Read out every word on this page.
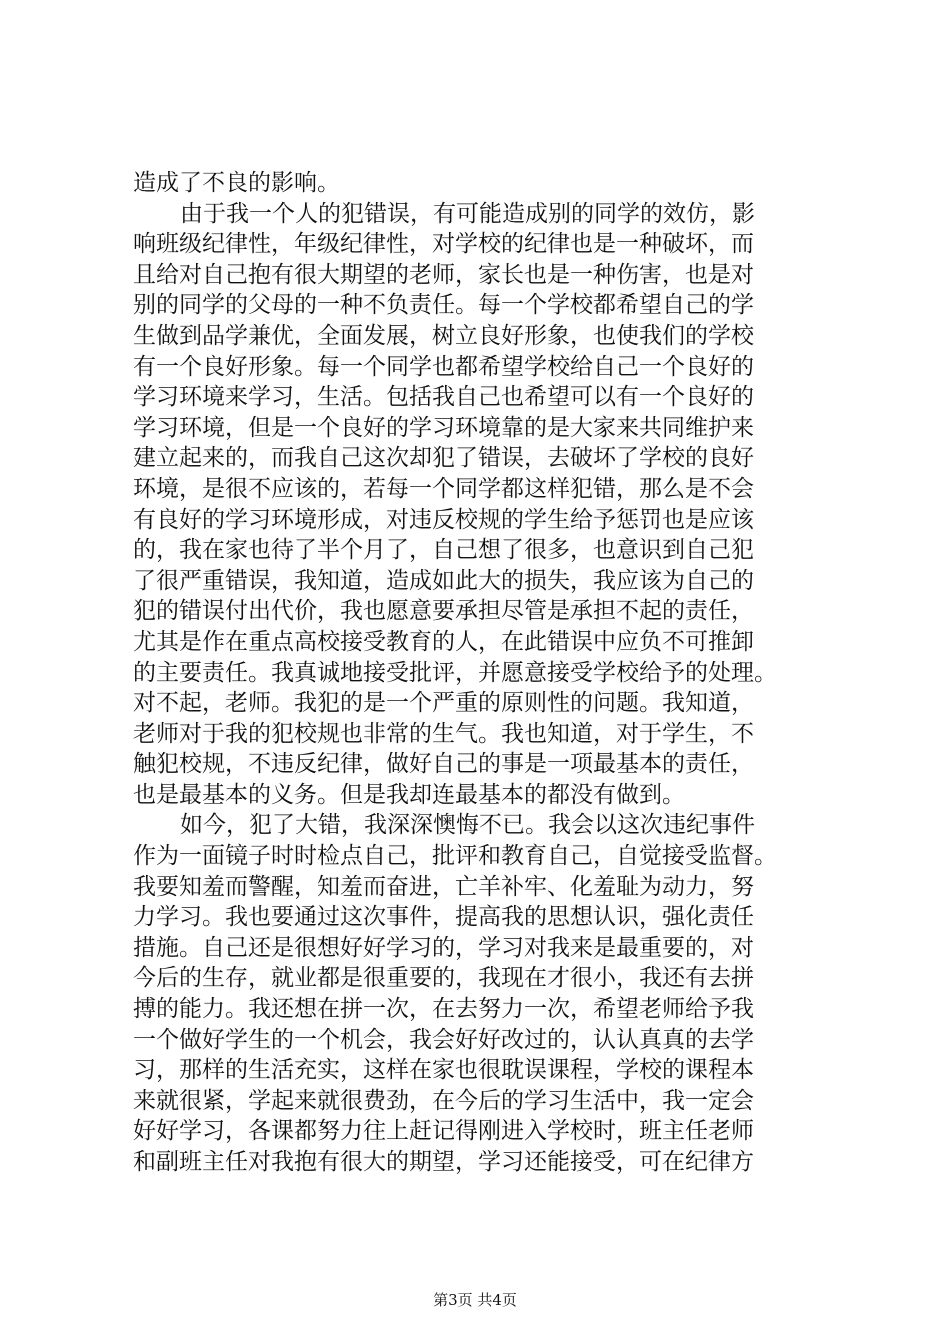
造成了不良的影响。
由于我一个人的犯错误，有可能造成别的同学的效仿，影
响班级纪律性，年级纪律性，对学校的纪律也是一种破坏，而
且给对自己抱有很大期望的老师，家长也是一种伤害，也是对
别的同学的父母的一种不负责任。每一个学校都希望自己的学
生做到品学兼优，全面发展，树立良好形象，也使我们的学校
有一个良好形象。每一个同学也都希望学校给自己一个良好的
学习环境来学习，生活。包括我自己也希望可以有一个良好的
学习环境，但是一个良好的学习环境靠的是大家来共同维护来
建立起来的，而我自己这次却犯了错误，去破坏了学校的良好
环境，是很不应该的，若每一个同学都这样犯错，那么是不会
有良好的学习环境形成，对违反校规的学生给予惩罚也是应该
的，我在家也待了半个月了，自己想了很多，也意识到自己犯
了很严重错误，我知道，造成如此大的损失，我应该为自己的
犯的错误付出代价，我也愿意要承担尽管是承担不起的责任，
尤其是作在重点高校接受教育的人，在此错误中应负不可推卸
的主要责任。我真诚地接受批评，并愿意接受学校给予的处理。
对不起，老师。我犯的是一个严重的原则性的问题。我知道，
老师对于我的犯校规也非常的生气。我也知道，对于学生，不
触犯校规，不违反纪律，做好自己的事是一项最基本的责任，
也是最基本的义务。但是我却连最基本的都没有做到。
如今，犯了大错，我深深懊悔不已。我会以这次违纪事件
作为一面镜子时时检点自己，批评和教育自己，自觉接受监督。
我要知羞而警醒，知羞而奋进，亡羊补牢、化羞耻为动力，努
力学习。我也要通过这次事件，提高我的思想认识，强化责任
措施。自己还是很想好好学习的，学习对我来是最重要的，对
今后的生存，就业都是很重要的，我现在才很小，我还有去拼
搏的能力。我还想在拼一次，在去努力一次，希望老师给予我
一个做好学生的一个机会，我会好好改过的，认认真真的去学
习，那样的生活充实，这样在家也很耽误课程，学校的课程本
来就很紧，学起来就很费劲，在今后的学习生活中，我一定会
好好学习，各课都努力往上赶记得刚进入学校时，班主任老师
和副班主任对我抱有很大的期望，学习还能接受，可在纪律方
第3页 共4页
